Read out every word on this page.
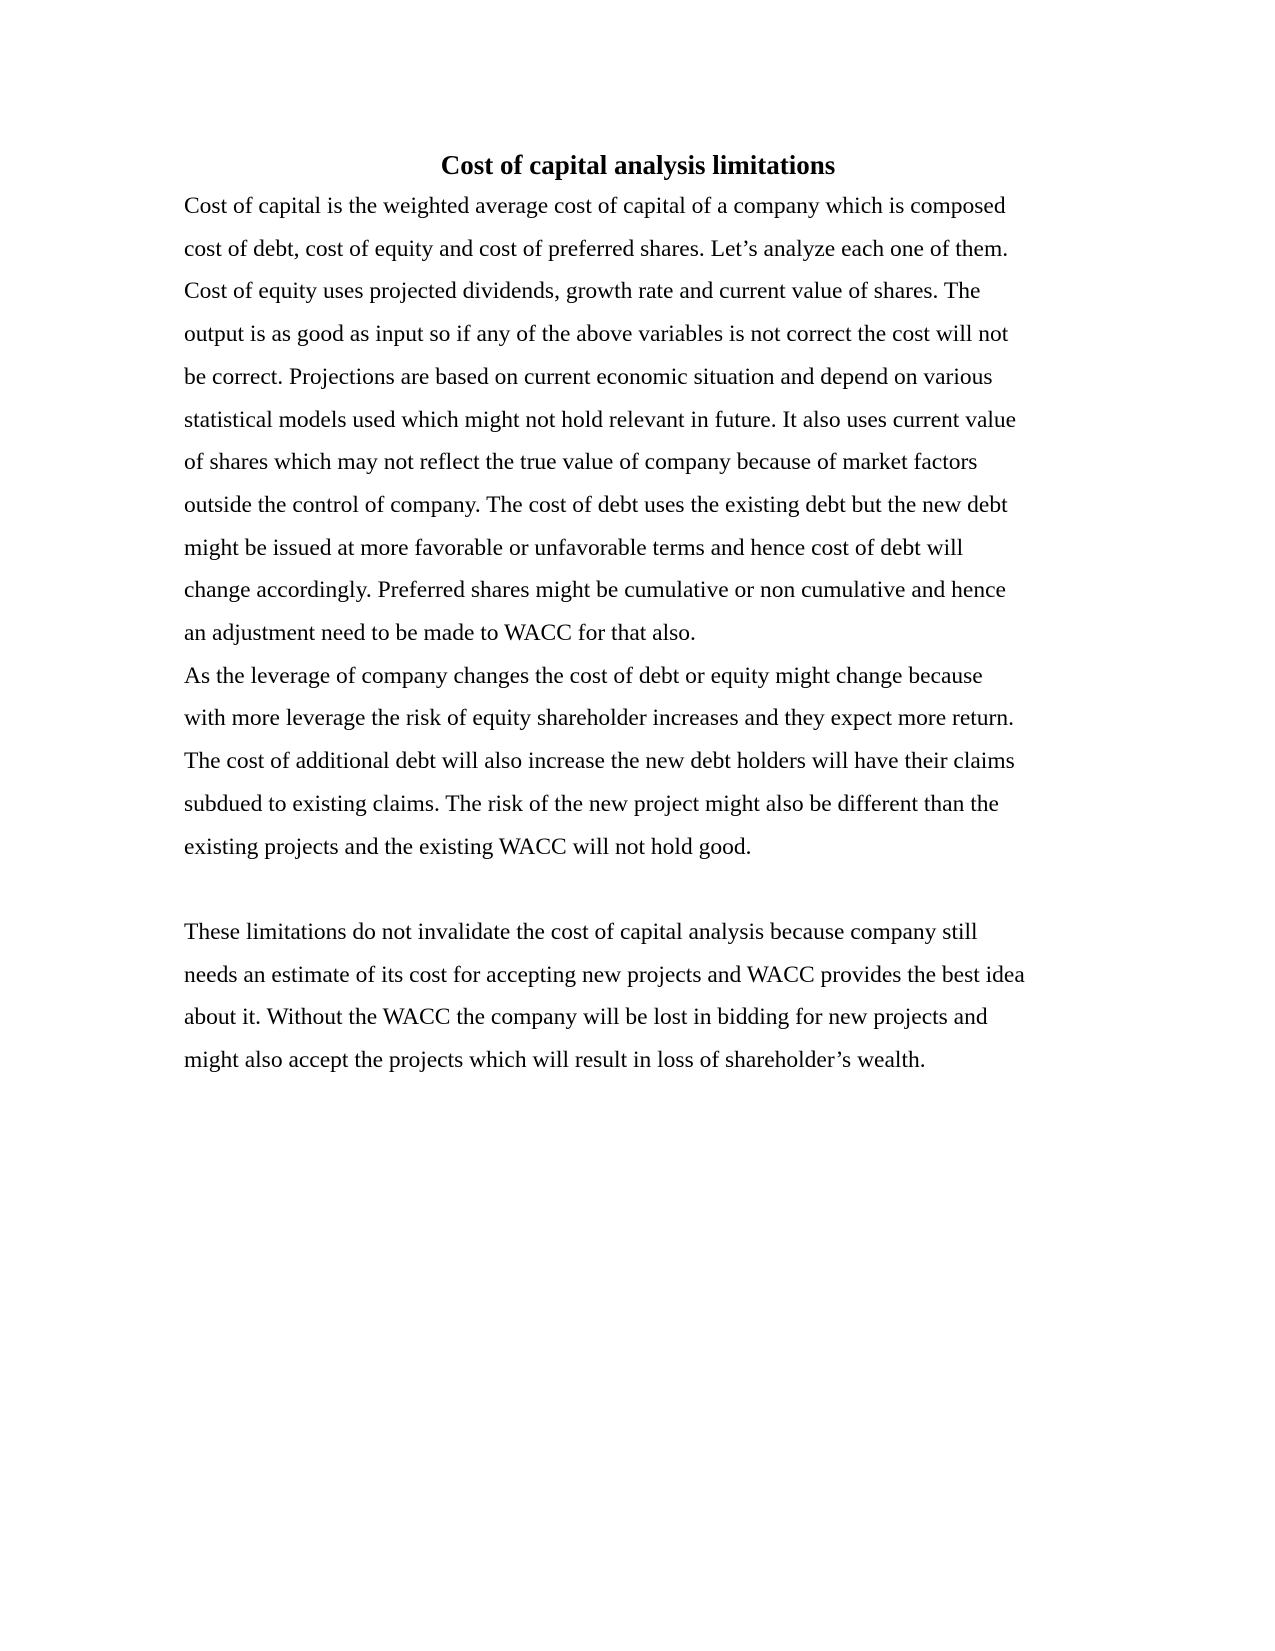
Cost of capital analysis limitations

Cost of capital is the weighted average cost of capital of a company which is composed
cost of debt, cost of equity and cost of preferred shares. Let’s analyze each one of them.
Cost of equity uses projected dividends, growth rate and current value of shares. The
output is as good as input so if any of the above variables is not correct the cost will not
be correct. Projections are based on current economic situation and depend on various
statistical models used which might not hold relevant in future. It also uses current value
of shares which may not reflect the true value of company because of market factors
outside the control of company. The cost of debt uses the existing debt but the new debt
might be issued at more favorable or unfavorable terms and hence cost of debt will
change accordingly. Preferred shares might be cumulative or non cumulative and hence
an adjustment need to be made to WACC for that also.

As the leverage of company changes the cost of debt or equity might change because
with more leverage the risk of equity shareholder increases and they expect more return.
The cost of additional debt will also increase the new debt holders will have their claims
subdued to existing claims. The risk of the new project might also be different than the
existing projects and the existing WACC will not hold good.

These limitations do not invalidate the cost of capital analysis because company still
needs an estimate of its cost for accepting new projects and WACC provides the best idea
about it. Without the WACC the company will be lost in bidding for new projects and
might also accept the projects which will result in loss of shareholder’s wealth.
